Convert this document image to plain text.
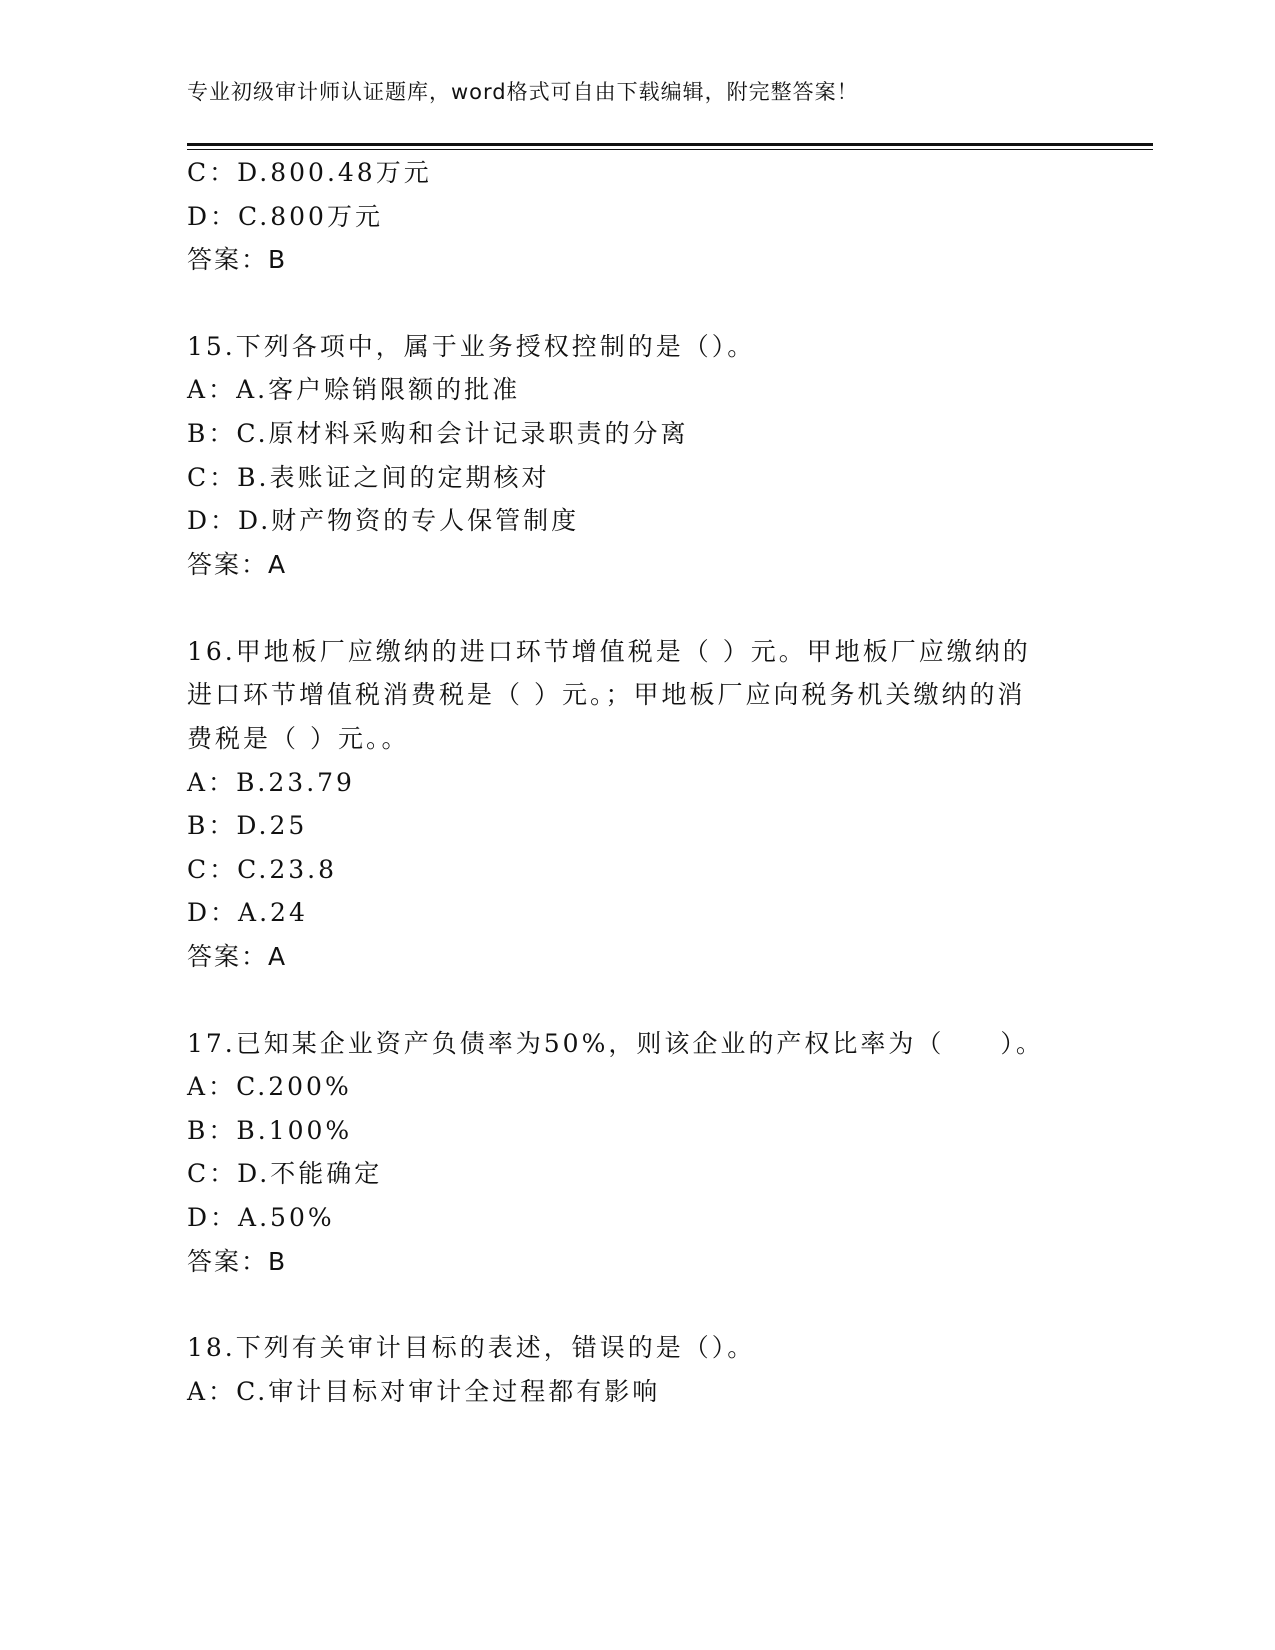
专业初级审计师认证题库，word格式可自由下载编辑，附完整答案！
C：D.800.48万元
D：C.800万元
答案：B
15.下列各项中，属于业务授权控制的是（）。
A：A.客户赊销限额的批准
B：C.原材料采购和会计记录职责的分离
C：B.表账证之间的定期核对
D：D.财产物资的专人保管制度
答案：A
16.甲地板厂应缴纳的进口环节增值税是（ ）元。甲地板厂应缴纳的
进口环节增值税消费税是（ ）元。；甲地板厂应向税务机关缴纳的消
费税是（ ）元。。
A：B.23.79
B：D.25
C：C.23.8
D：A.24
答案：A
17.已知某企业资产负债率为50%，则该企业的产权比率为（　　）。
A：C.200%
B：B.100%
C：D.不能确定
D：A.50%
答案：B
18.下列有关审计目标的表述，错误的是（）。
A：C.审计目标对审计全过程都有影响
